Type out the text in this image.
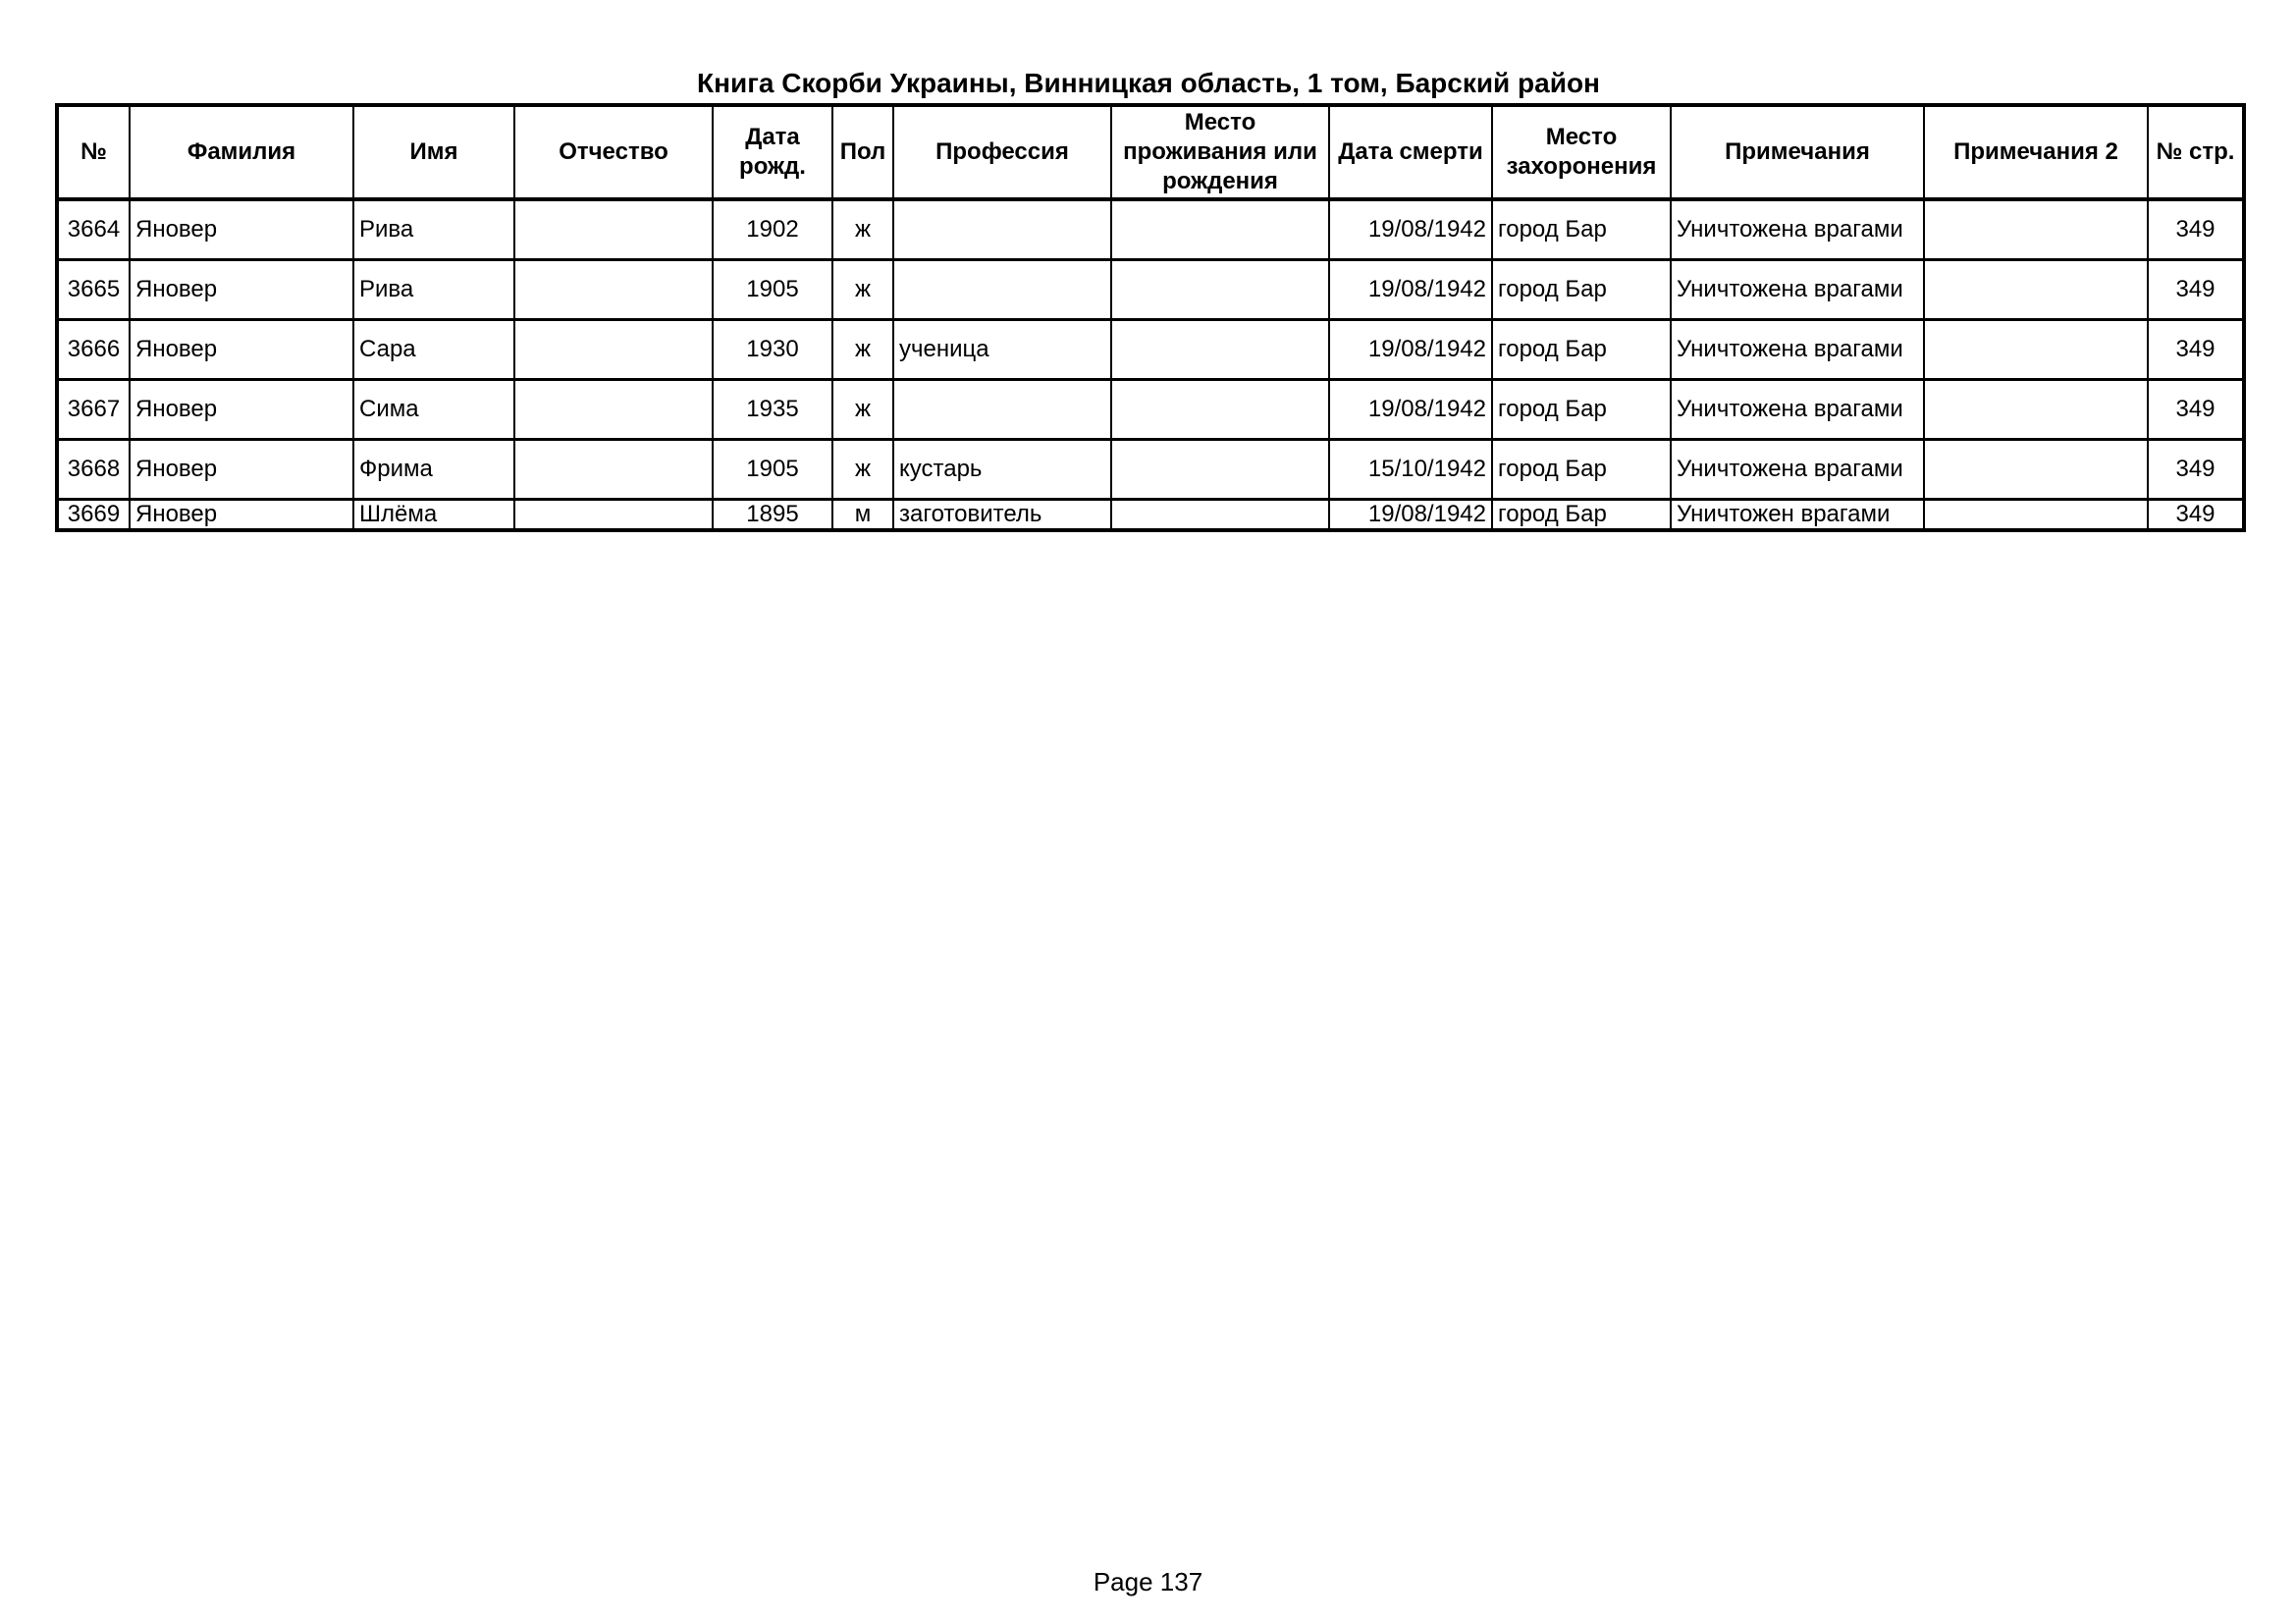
Книга Скорби Украины, Винницкая область, 1 том, Барский район
№	Фамилия	Имя	Отчество	Дата рожд.	Пол	Профессия	Место проживания или рождения	Дата смерти	Место захоронения	Примечания	Примечания 2	№ стр.
3664	Яновер	Рива		1902	ж			19/08/1942	город Бар	Уничтожена врагами		349
3665	Яновер	Рива		1905	ж			19/08/1942	город Бар	Уничтожена врагами		349
3666	Яновер	Сара		1930	ж	ученица		19/08/1942	город Бар	Уничтожена врагами		349
3667	Яновер	Сима		1935	ж			19/08/1942	город Бар	Уничтожена врагами		349
3668	Яновер	Фрима		1905	ж	кустарь		15/10/1942	город Бар	Уничтожена врагами		349
3669	Яновер	Шлёма		1895	м	заготовитель		19/08/1942	город Бар	Уничтожен врагами		349
Page 137
